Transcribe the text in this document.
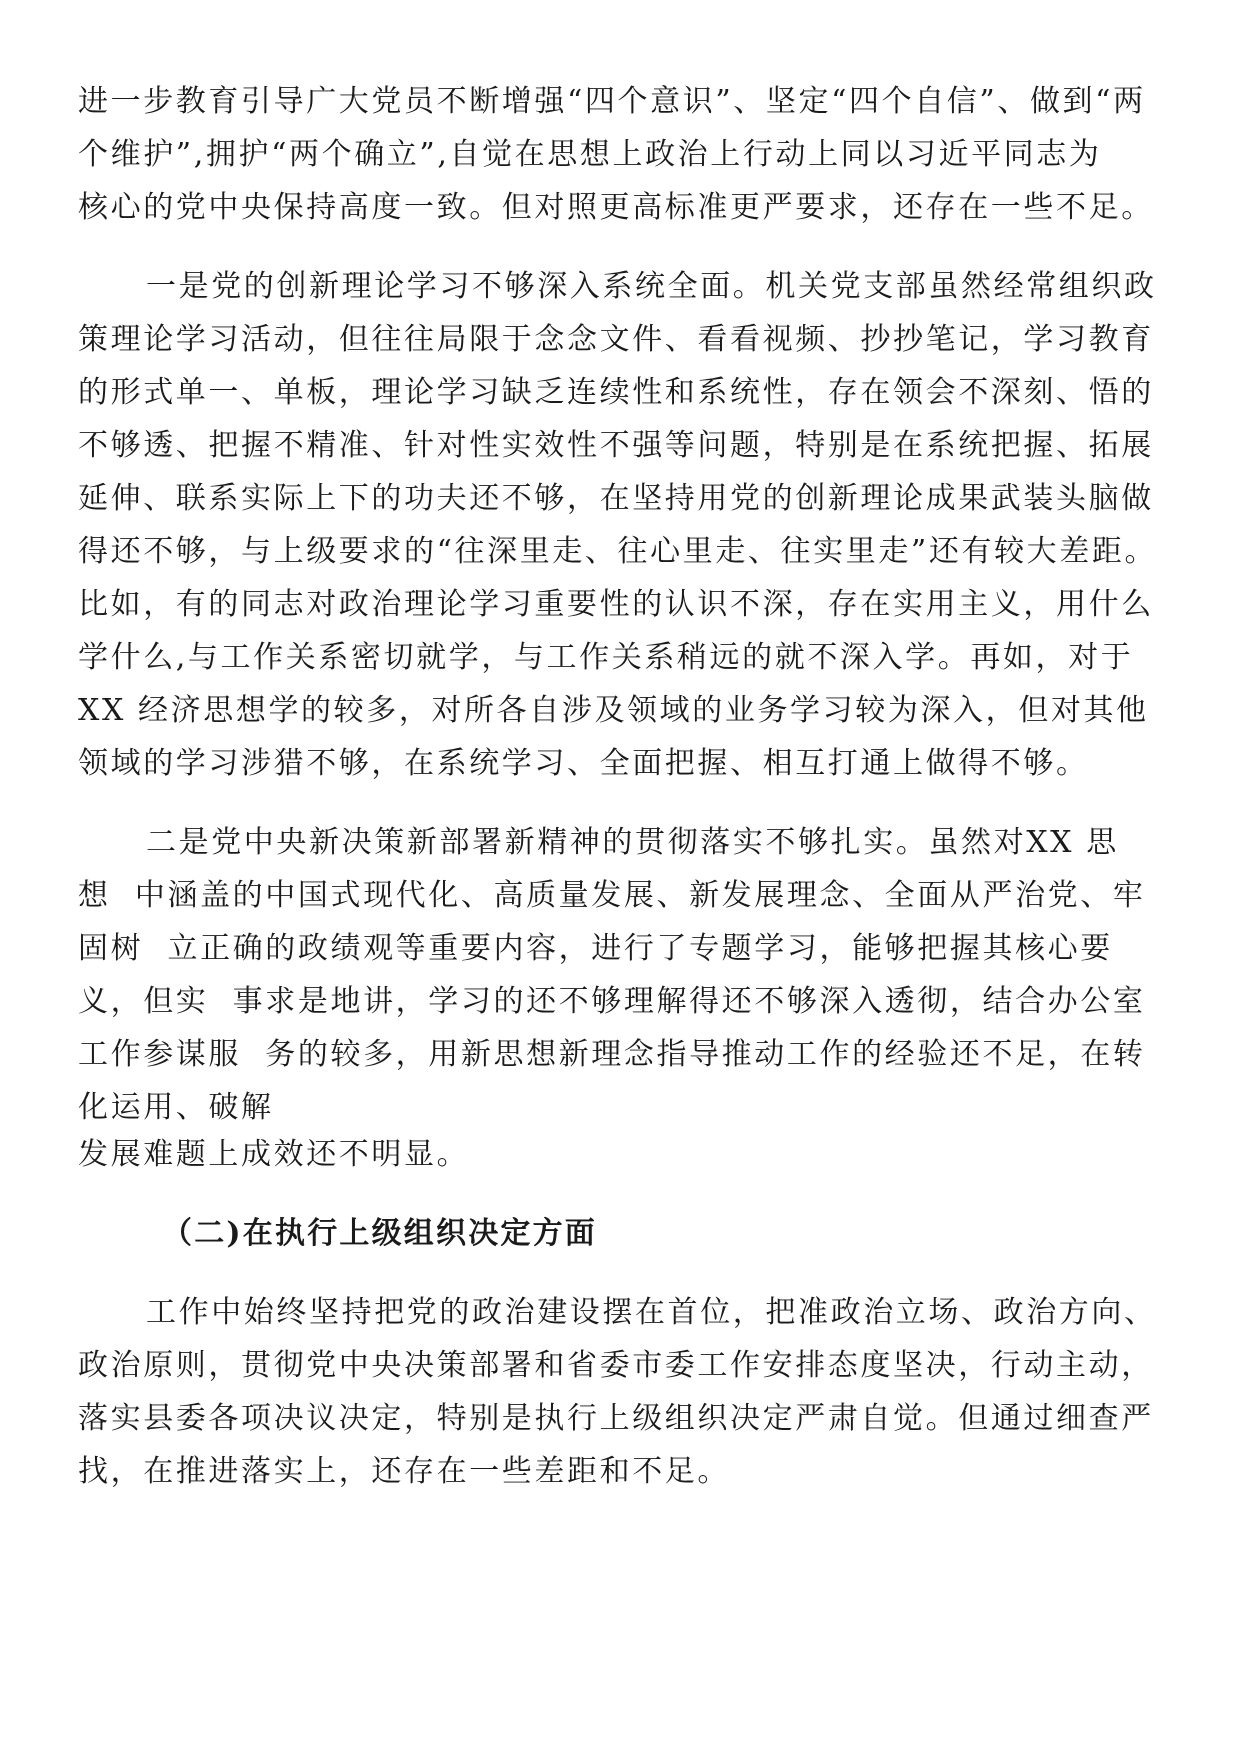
进一步教育引导广大党员不断增强“四个意识”、坚定“四个自信”、做到“两
个维护”,拥护“两个确立”,自觉在思想上政治上行动上同以习近平同志为
核心的党中央保持高度一致。但对照更高标准更严要求，还存在一些不足。
一是党的创新理论学习不够深入系统全面。机关党支部虽然经常组织政
策理论学习活动，但往往局限于念念文件、看看视频、抄抄笔记，学习教育
的形式单一、单板，理论学习缺乏连续性和系统性，存在领会不深刻、悟的
不够透、把握不精准、针对性实效性不强等问题，特别是在系统把握、拓展
延伸、联系实际上下的功夫还不够，在坚持用党的创新理论成果武装头脑做
得还不够，与上级要求的“往深里走、往心里走、往实里走”还有较大差距。
比如，有的同志对政治理论学习重要性的认识不深，存在实用主义，用什么
学什么,与工作关系密切就学，与工作关系稍远的就不深入学。再如，对于
XX 经济思想学的较多，对所各自涉及领域的业务学习较为深入，但对其他
领域的学习涉猎不够，在系统学习、全面把握、相互打通上做得不够。
二是党中央新决策新部署新精神的贯彻落实不够扎实。虽然对XX 思
想  中涵盖的中国式现代化、高质量发展、新发展理念、全面从严治党、牢
固树  立正确的政绩观等重要内容，进行了专题学习，能够把握其核心要
义，但实  事求是地讲，学习的还不够理解得还不够深入透彻，结合办公室
工作参谋服  务的较多，用新思想新理念指导推动工作的经验还不足，在转
化运用、破解
发展难题上成效还不明显。
（二)在执行上级组织决定方面
工作中始终坚持把党的政治建设摆在首位，把准政治立场、政治方向、
政治原则，贯彻党中央决策部署和省委市委工作安排态度坚决，行动主动，
落实县委各项决议决定，特别是执行上级组织决定严肃自觉。但通过细查严
找，在推进落实上，还存在一些差距和不足。
